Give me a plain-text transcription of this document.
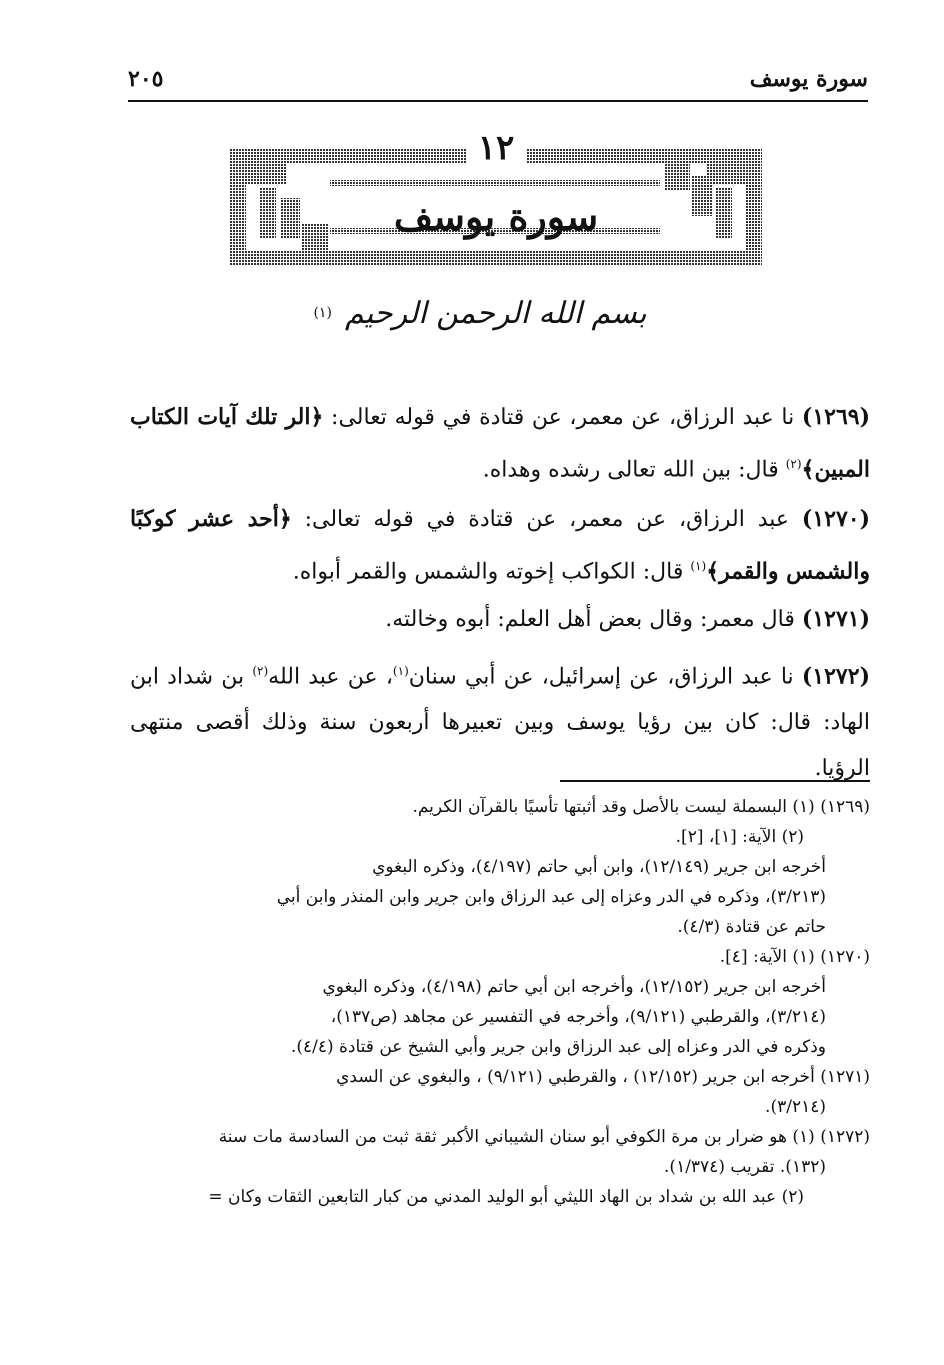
سورة يوسف
٢٠٥
١٢
سورة يوسف
بسم الله الرحمن الرحيم (١)
(١٢٦٩) نا عبد الرزاق، عن معمر، عن قتادة في قوله تعالى: ﴿الر تلك آيات الكتاب المبين﴾$^{(٢)}$ قال: بين الله تعالى رشده وهداه.
(١٢٧٠) عبد الرزاق، عن معمر، عن قتادة في قوله تعالى: ﴿أحد عشر كوكبًا والشمس والقمر﴾$^{(١)}$ قال: الكواكب إخوته والشمس والقمر أبواه.
(١٢٧١) قال معمر: وقال بعض أهل العلم: أبوه وخالته.
(١٢٧٢) نا عبد الرزاق، عن إسرائيل، عن أبي سنان$^{(١)}$، عن عبد الله$^{(٢)}$ بن شداد ابن الهاد: قال: كان بين رؤيا يوسف وبين تعبيرها أربعون سنة وذلك أقصى منتهى الرؤيا.
(١٢٦٩) (١) البسملة ليست بالأصل وقد أثبتها تأسيًا بالقرآن الكريم.
(٢) الآية: [١]، [٢].
أخرجه ابن جرير (١٢/١٤٩)، وابن أبي حاتم (٤/١٩٧)، وذكره البغوي
(٣/٢١٣)، وذكره في الدر وعزاه إلى عبد الرزاق وابن جرير وابن المنذر وابن أبي
حاتم عن قتادة (٤/٣).
(١٢٧٠) (١) الآية: [٤].
أخرجه ابن جرير (١٢/١٥٢)، وأخرجه ابن أبي حاتم (٤/١٩٨)، وذكره البغوي
(٣/٢١٤)، والقرطبي (٩/١٢١)، وأخرجه في التفسير عن مجاهد (ص١٣٧)،
وذكره في الدر وعزاه إلى عبد الرزاق وابن جرير وأبي الشيخ عن قتادة (٤/٤).
(١٢٧١) أخرجه ابن جرير (١٢/١٥٢) ، والقرطبي (٩/١٢١) ، والبغوي عن السدي
(٣/٢١٤).
(١٢٧٢) (١) هو ضرار بن مرة الكوفي أبو سنان الشيباني الأكبر ثقة ثبت من السادسة مات سنة
(١٣٢). تقريب (١/٣٧٤).
(٢) عبد الله بن شداد بن الهاد الليثي أبو الوليد المدني من كبار التابعين الثقات وكان =
